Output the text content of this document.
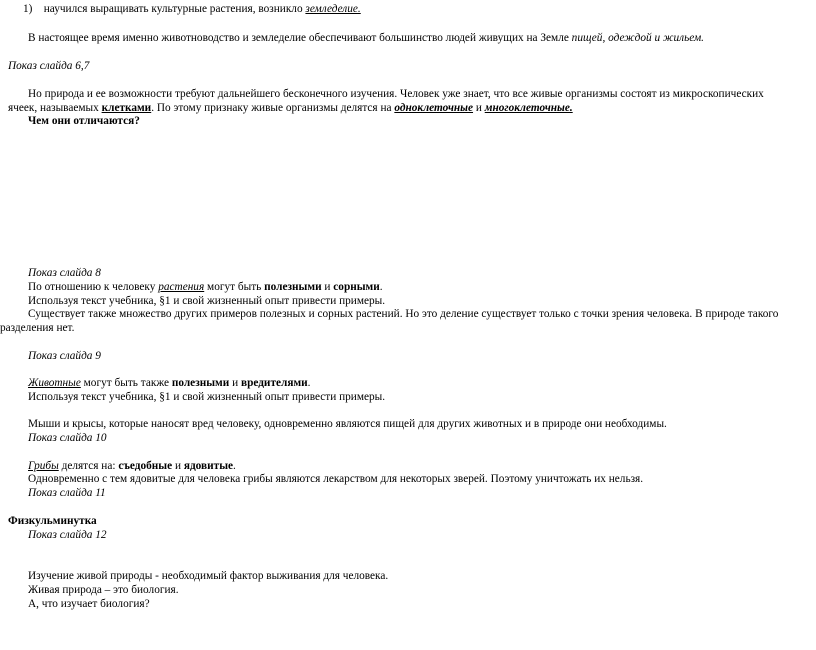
1) научился выращивать культурные растения, возникло земледелие.
В настоящее время именно животноводство и земледелие обеспечивают большинство людей живущих на Земле пищей, одеждой и жильем.
Показ слайда 6,7
Но природа и ее возможности требуют дальнейшего бесконечного изучения. Человек уже знает, что все живые организмы состоят из микроскопических
ячеек, называемых клетками. По этому признаку живые организмы делятся на одноклеточные и многоклеточные.
Чем они отличаются?
Показ слайда 8
По отношению к человеку растения могут быть полезными и сорными.
Используя текст учебника, §1 и свой жизненный опыт привести примеры.
Существует также множество других примеров полезных и сорных растений. Но это деление существует только с точки зрения человека. В природе такого
разделения нет.
Показ слайда 9
Животные могут быть также полезными и вредителями.
Используя текст учебника, §1 и свой жизненный опыт привести примеры.
Мыши и крысы, которые наносят вред человеку, одновременно являются пищей для других животных и в природе они необходимы.
Показ слайда 10
Грибы делятся на: съедобные и ядовитые.
Одновременно с тем ядовитые для человека грибы являются лекарством для некоторых зверей. Поэтому уничтожать их нельзя.
Показ слайда 11
Физкульминутка
Показ слайда 12
Изучение живой природы - необходимый фактор выживания для человека.
Живая природа – это биология.
А, что изучает биология?
